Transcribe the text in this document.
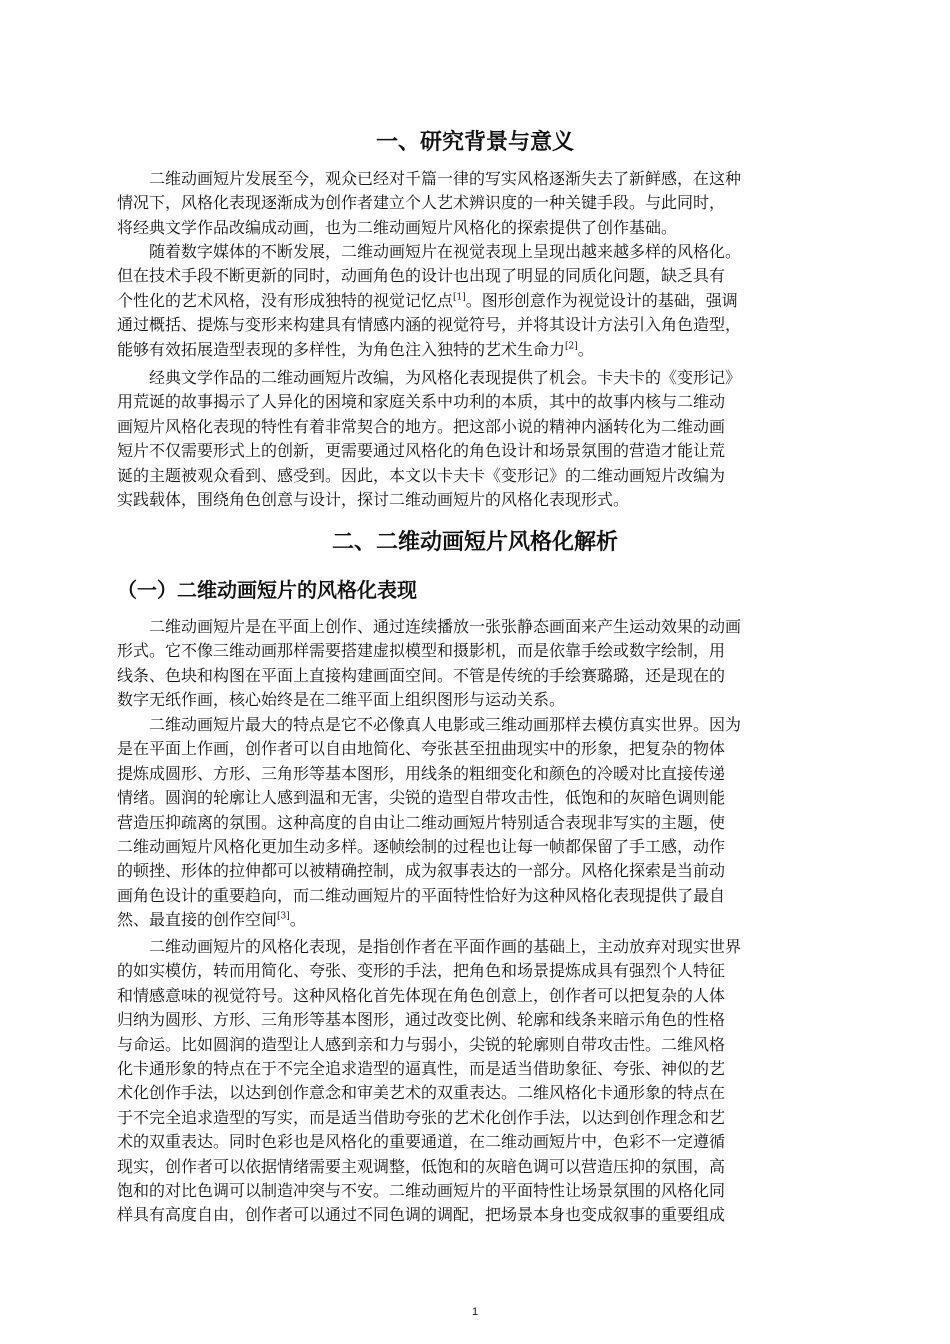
一、研究背景与意义
　　二维动画短片发展至今，观众已经对千篇一律的写实风格逐渐失去了新鲜感，在这种
情况下，风格化表现逐渐成为创作者建立个人艺术辨识度的一种关键手段。与此同时，
将经典文学作品改编成动画，也为二维动画短片风格化的探索提供了创作基础。
　　随着数字媒体的不断发展，二维动画短片在视觉表现上呈现出越来越多样的风格化。
但在技术手段不断更新的同时，动画角色的设计也出现了明显的同质化问题，缺乏具有
个性化的艺术风格，没有形成独特的视觉记忆点[1]。图形创意作为视觉设计的基础，强调
通过概括、提炼与变形来构建具有情感内涵的视觉符号，并将其设计方法引入角色造型，
能够有效拓展造型表现的多样性，为角色注入独特的艺术生命力[2]。
　　经典文学作品的二维动画短片改编，为风格化表现提供了机会。卡夫卡的《变形记》
用荒诞的故事揭示了人异化的困境和家庭关系中功利的本质，其中的故事内核与二维动
画短片风格化表现的特性有着非常契合的地方。把这部小说的精神内涵转化为二维动画
短片不仅需要形式上的创新，更需要通过风格化的角色设计和场景氛围的营造才能让荒
诞的主题被观众看到、感受到。因此，本文以卡夫卡《变形记》的二维动画短片改编为
实践载体，围绕角色创意与设计，探讨二维动画短片的风格化表现形式。
二、二维动画短片风格化解析
（一）二维动画短片的风格化表现
　　二维动画短片是在平面上创作、通过连续播放一张张静态画面来产生运动效果的动画
形式。它不像三维动画那样需要搭建虚拟模型和摄影机，而是依靠手绘或数字绘制，用
线条、色块和构图在平面上直接构建画面空间。不管是传统的手绘赛璐璐，还是现在的
数字无纸作画，核心始终是在二维平面上组织图形与运动关系。
　　二维动画短片最大的特点是它不必像真人电影或三维动画那样去模仿真实世界。因为
是在平面上作画，创作者可以自由地简化、夸张甚至扭曲现实中的形象，把复杂的物体
提炼成圆形、方形、三角形等基本图形，用线条的粗细变化和颜色的冷暖对比直接传递
情绪。圆润的轮廓让人感到温和无害，尖锐的造型自带攻击性，低饱和的灰暗色调则能
营造压抑疏离的氛围。这种高度的自由让二维动画短片特别适合表现非写实的主题，使
二维动画短片风格化更加生动多样。逐帧绘制的过程也让每一帧都保留了手工感，动作
的顿挫、形体的拉伸都可以被精确控制，成为叙事表达的一部分。风格化探索是当前动
画角色设计的重要趋向，而二维动画短片的平面特性恰好为这种风格化表现提供了最自
然、最直接的创作空间[3]。
　　二维动画短片的风格化表现，是指创作者在平面作画的基础上，主动放弃对现实世界
的如实模仿，转而用简化、夸张、变形的手法，把角色和场景提炼成具有强烈个人特征
和情感意味的视觉符号。这种风格化首先体现在角色创意上，创作者可以把复杂的人体
归纳为圆形、方形、三角形等基本图形，通过改变比例、轮廓和线条来暗示角色的性格
与命运。比如圆润的造型让人感到亲和力与弱小，尖锐的轮廓则自带攻击性。二维风格
化卡通形象的特点在于不完全追求造型的逼真性，而是适当借助象征、夸张、神似的艺
术化创作手法，以达到创作意念和审美艺术的双重表达。二维风格化卡通形象的特点在
于不完全追求造型的写实，而是适当借助夸张的艺术化创作手法，以达到创作理念和艺
术的双重表达。同时色彩也是风格化的重要通道，在二维动画短片中，色彩不一定遵循
现实，创作者可以依据情绪需要主观调整，低饱和的灰暗色调可以营造压抑的氛围，高
饱和的对比色调可以制造冲突与不安。二维动画短片的平面特性让场景氛围的风格化同
样具有高度自由，创作者可以通过不同色调的调配，把场景本身也变成叙事的重要组成
1
